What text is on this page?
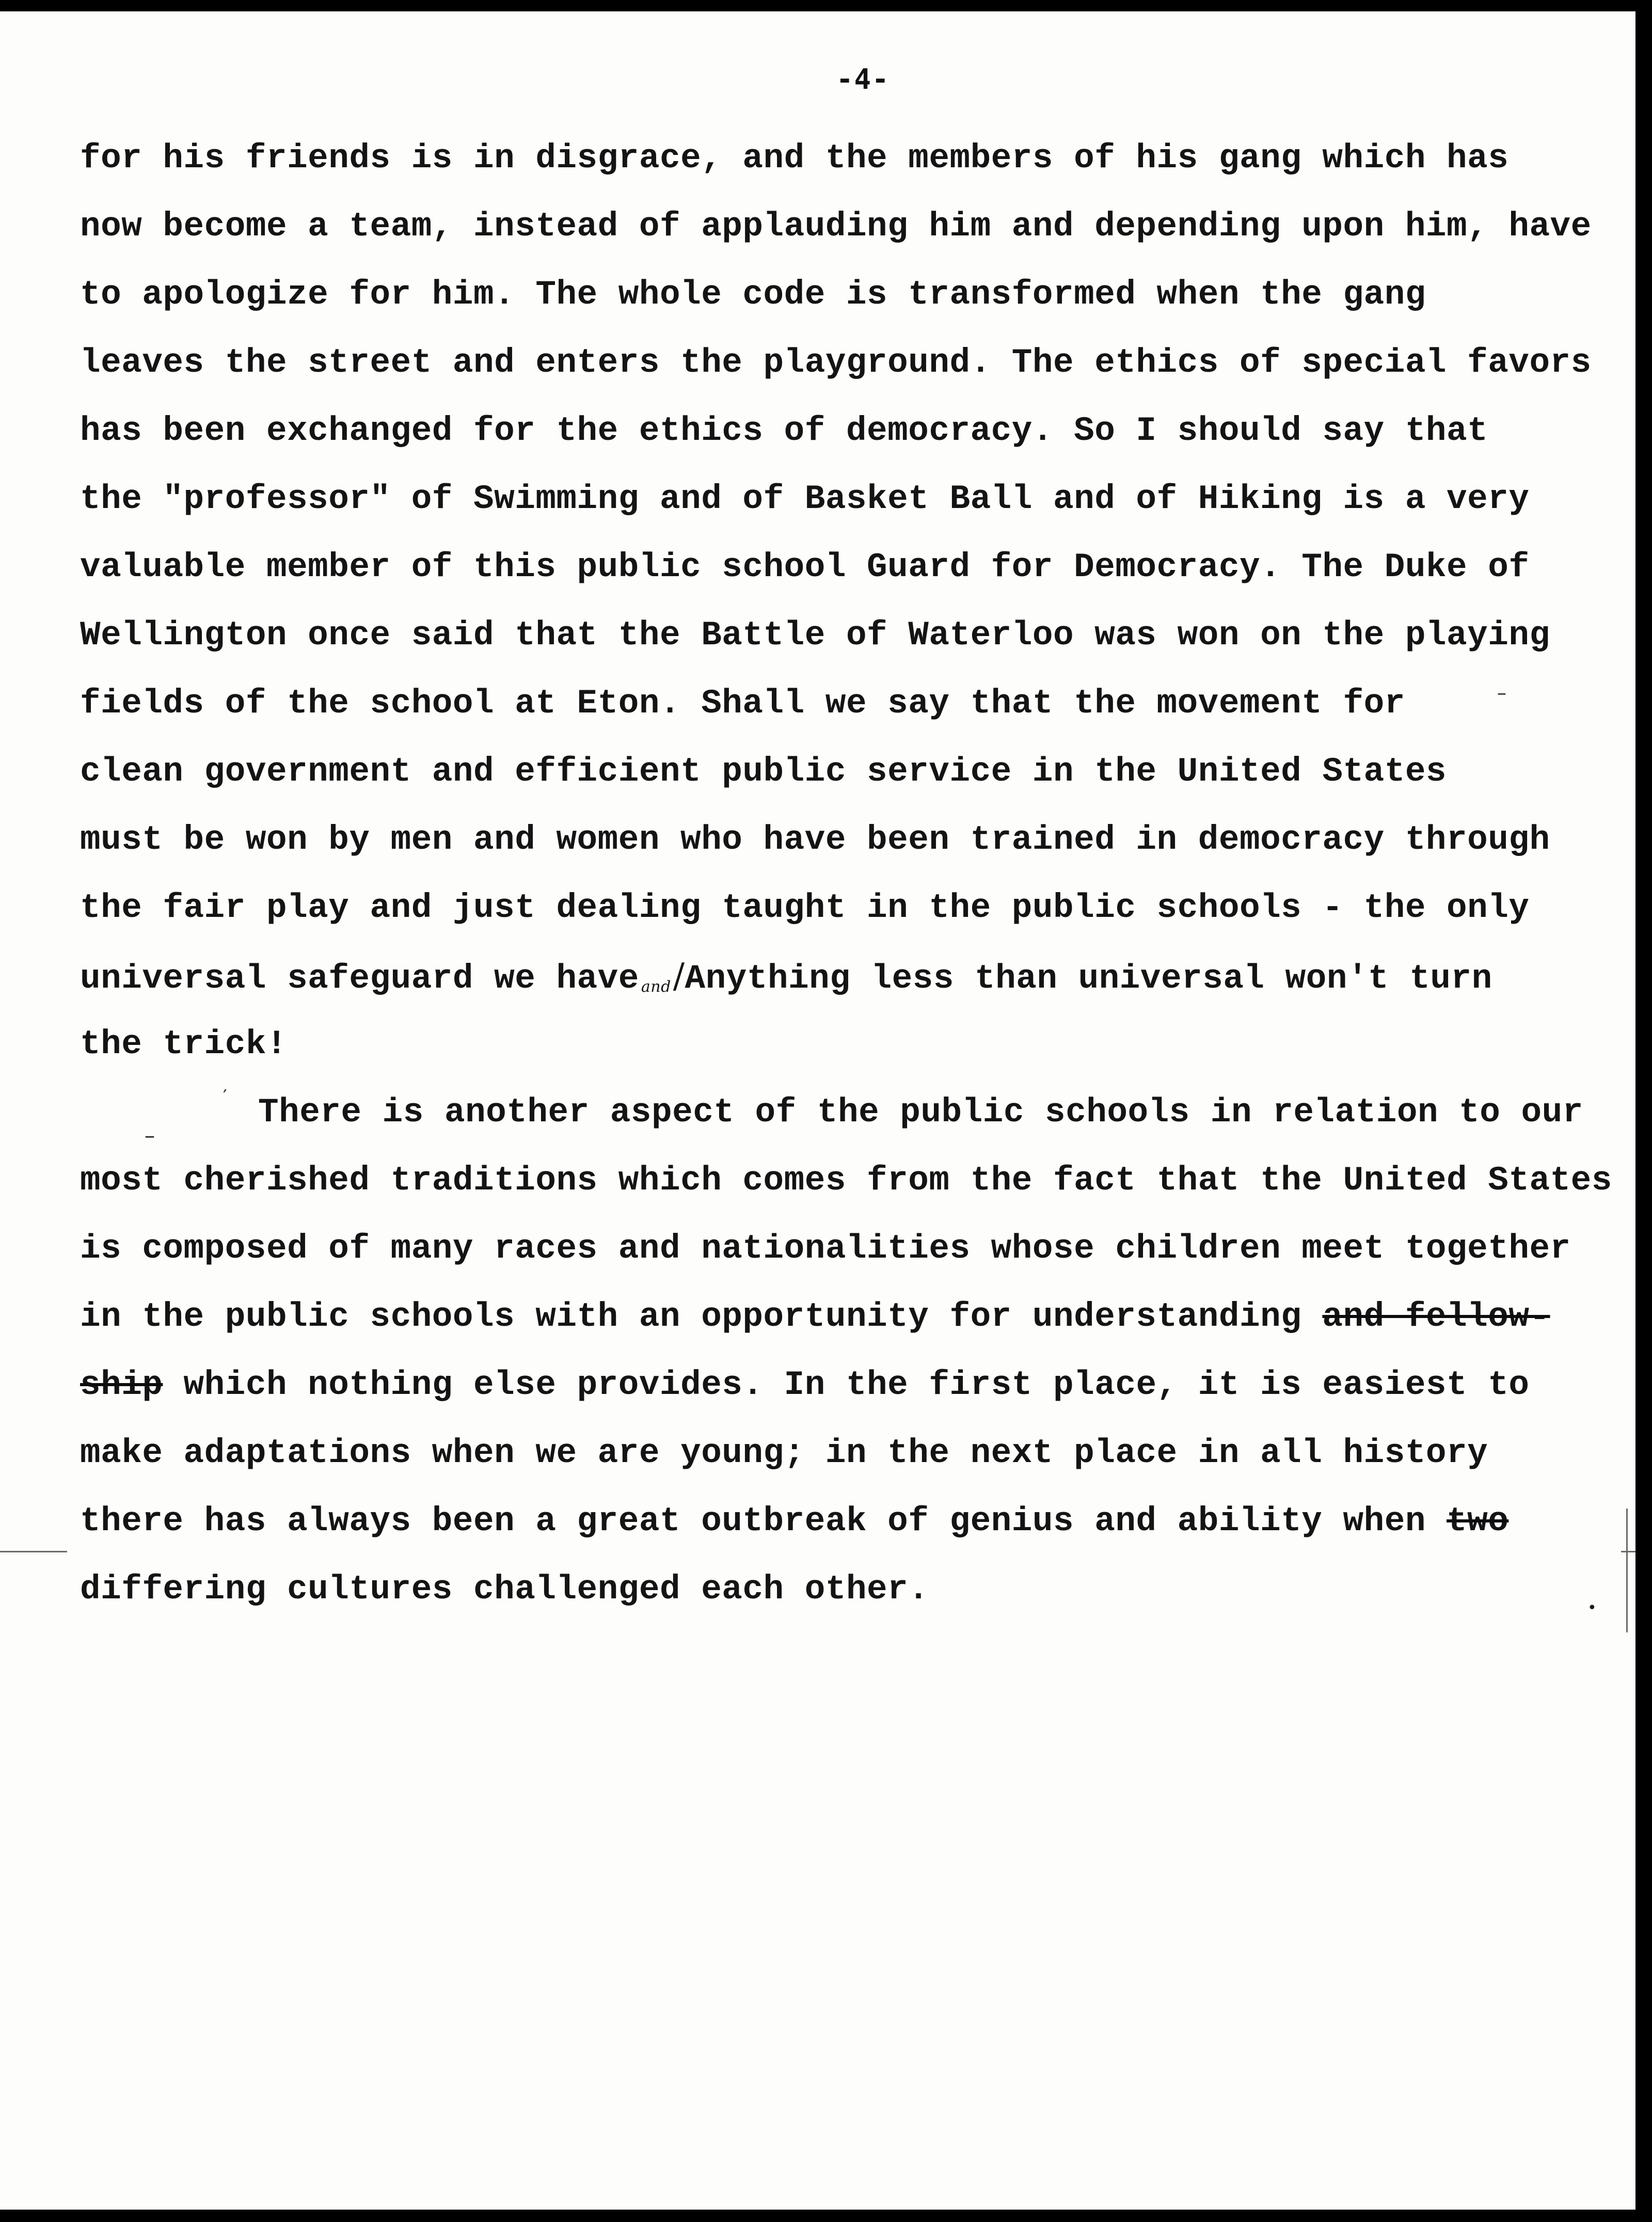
-4-
for his friends is in disgrace, and the members of his gang which has
now become a team, instead of applauding him and depending upon him, have
to apologize for him. The whole code is transformed when the gang
leaves the street and enters the playground. The ethics of special favors
has been exchanged for the ethics of democracy. So I should say that
the "professor" of Swimming and of Basket Ball and of Hiking is a very
valuable member of this public school Guard for Democracy. The Duke of
Wellington once said that the Battle of Waterloo was won on the playing
fields of the school at Eton. Shall we say that the movement for
clean government and efficient public service in the United States
must be won by men and women who have been trained in democracy through
the fair play and just dealing taught in the public schools - the only
universal safeguard we have and/Anything less than universal won't turn
the trick!
There is another aspect of the public schools in relation to our
most cherished traditions which comes from the fact that the United States
is composed of many races and nationalities whose children meet together
in the public schools with an opportunity for understanding and fellow-
ship which nothing else provides. In the first place, it is easiest to
make adaptations when we are young; in the next place in all history
there has always been a great outbreak of genius and ability when two
differing cultures challenged each other.
–
′
–
•
